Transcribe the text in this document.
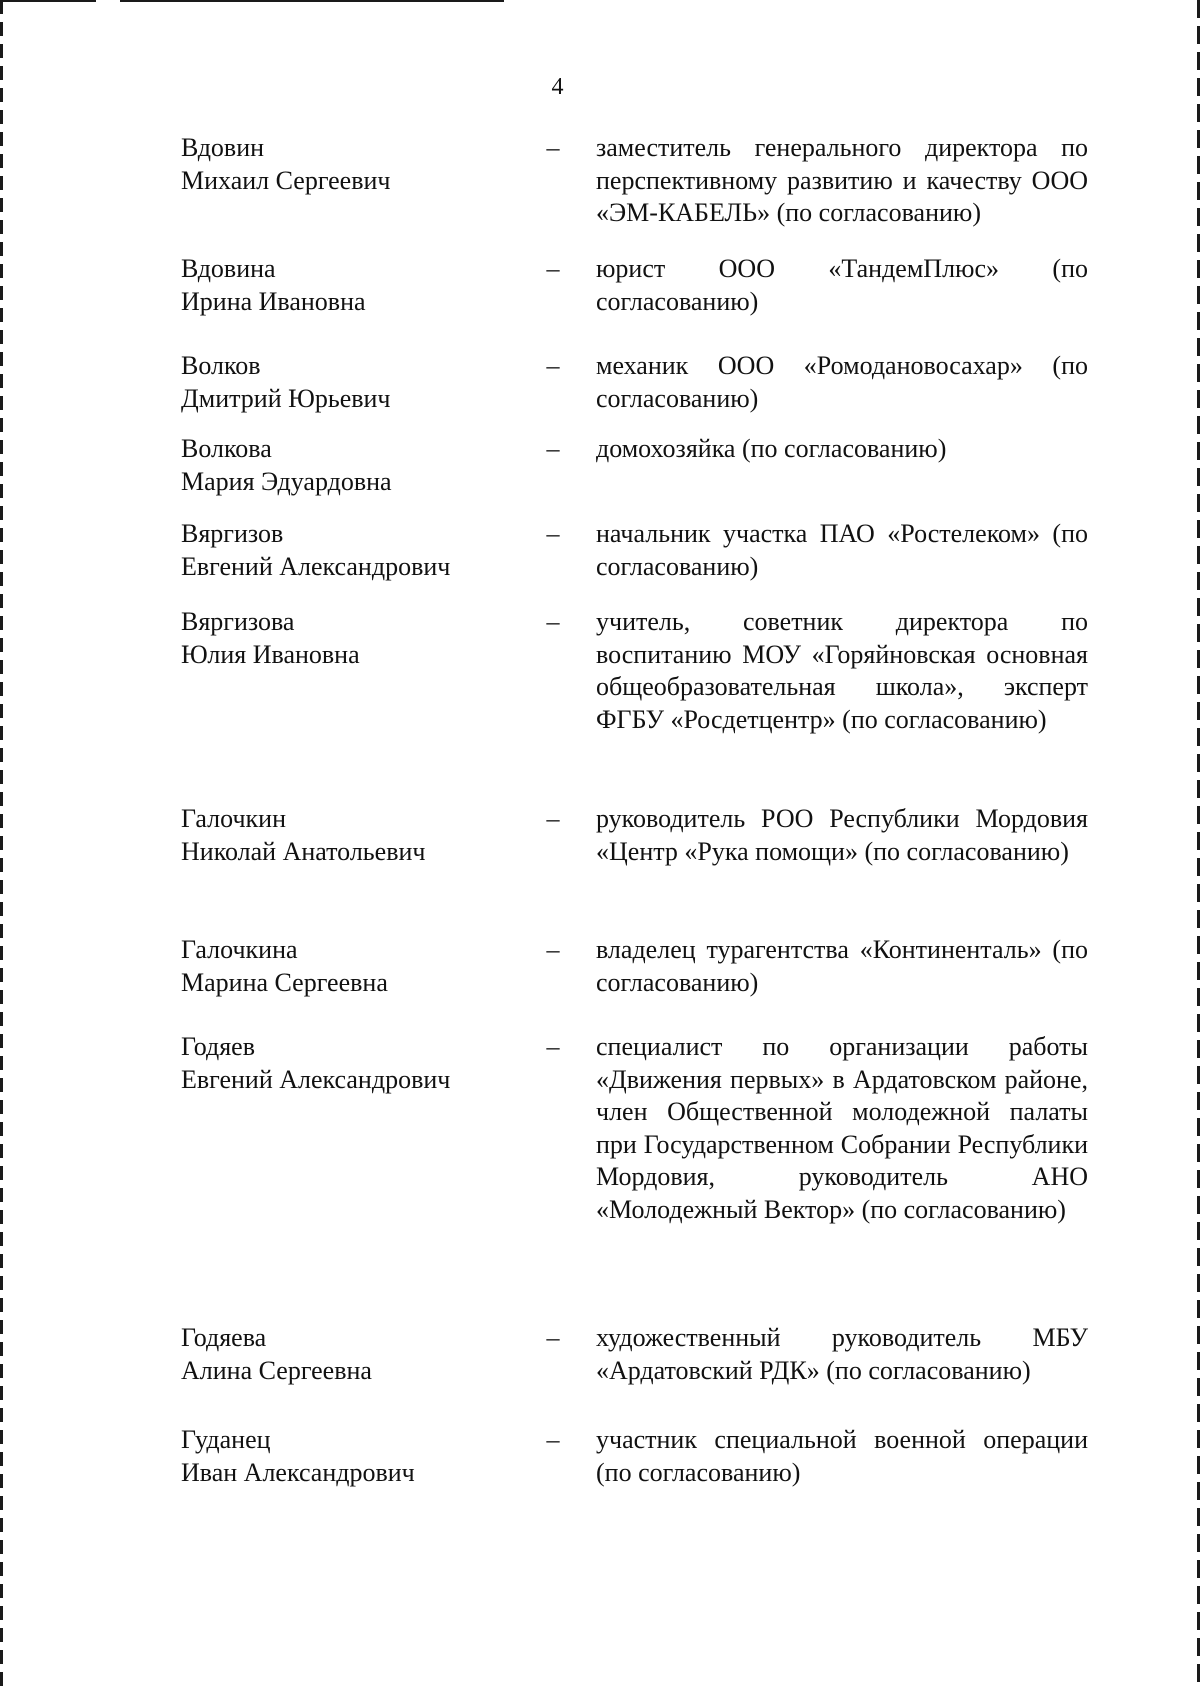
4
Вдовин
Михаил Сергеевич
– заместитель генерального директора по перспективному развитию и качеству ООО «ЭМ-КАБЕЛЬ» (по согласованию)
Вдовина
Ирина Ивановна
– юрист ООО «ТандемПлюс» (по согласованию)
Волков
Дмитрий Юрьевич
– механик ООО «Ромодановосахар» (по согласованию)
Волкова
Мария Эдуардовна
– домохозяйка (по согласованию)
Вяргизов
Евгений Александрович
– начальник участка ПАО «Ростелеком» (по согласованию)
Вяргизова
Юлия Ивановна
– учитель, советник директора по воспитанию МОУ «Горяйновская основная общеобразовательная школа», эксперт ФГБУ «Росдетцентр» (по согласованию)
Галочкин
Николай Анатольевич
– руководитель РОО Республики Мордовия «Центр «Рука помощи» (по согласованию)
Галочкина
Марина Сергеевна
– владелец турагентства «Континенталь» (по согласованию)
Годяев
Евгений Александрович
– специалист по организации работы «Движения первых» в Ардатовском районе, член Общественной молодежной палаты при Государственном Собрании Республики Мордовия, руководитель АНО «Молодежный Вектор» (по согласованию)
Годяева
Алина Сергеевна
– художественный руководитель МБУ «Ардатовский РДК» (по согласованию)
Гуданец
Иван Александрович
– участник специальной военной операции (по согласованию)
